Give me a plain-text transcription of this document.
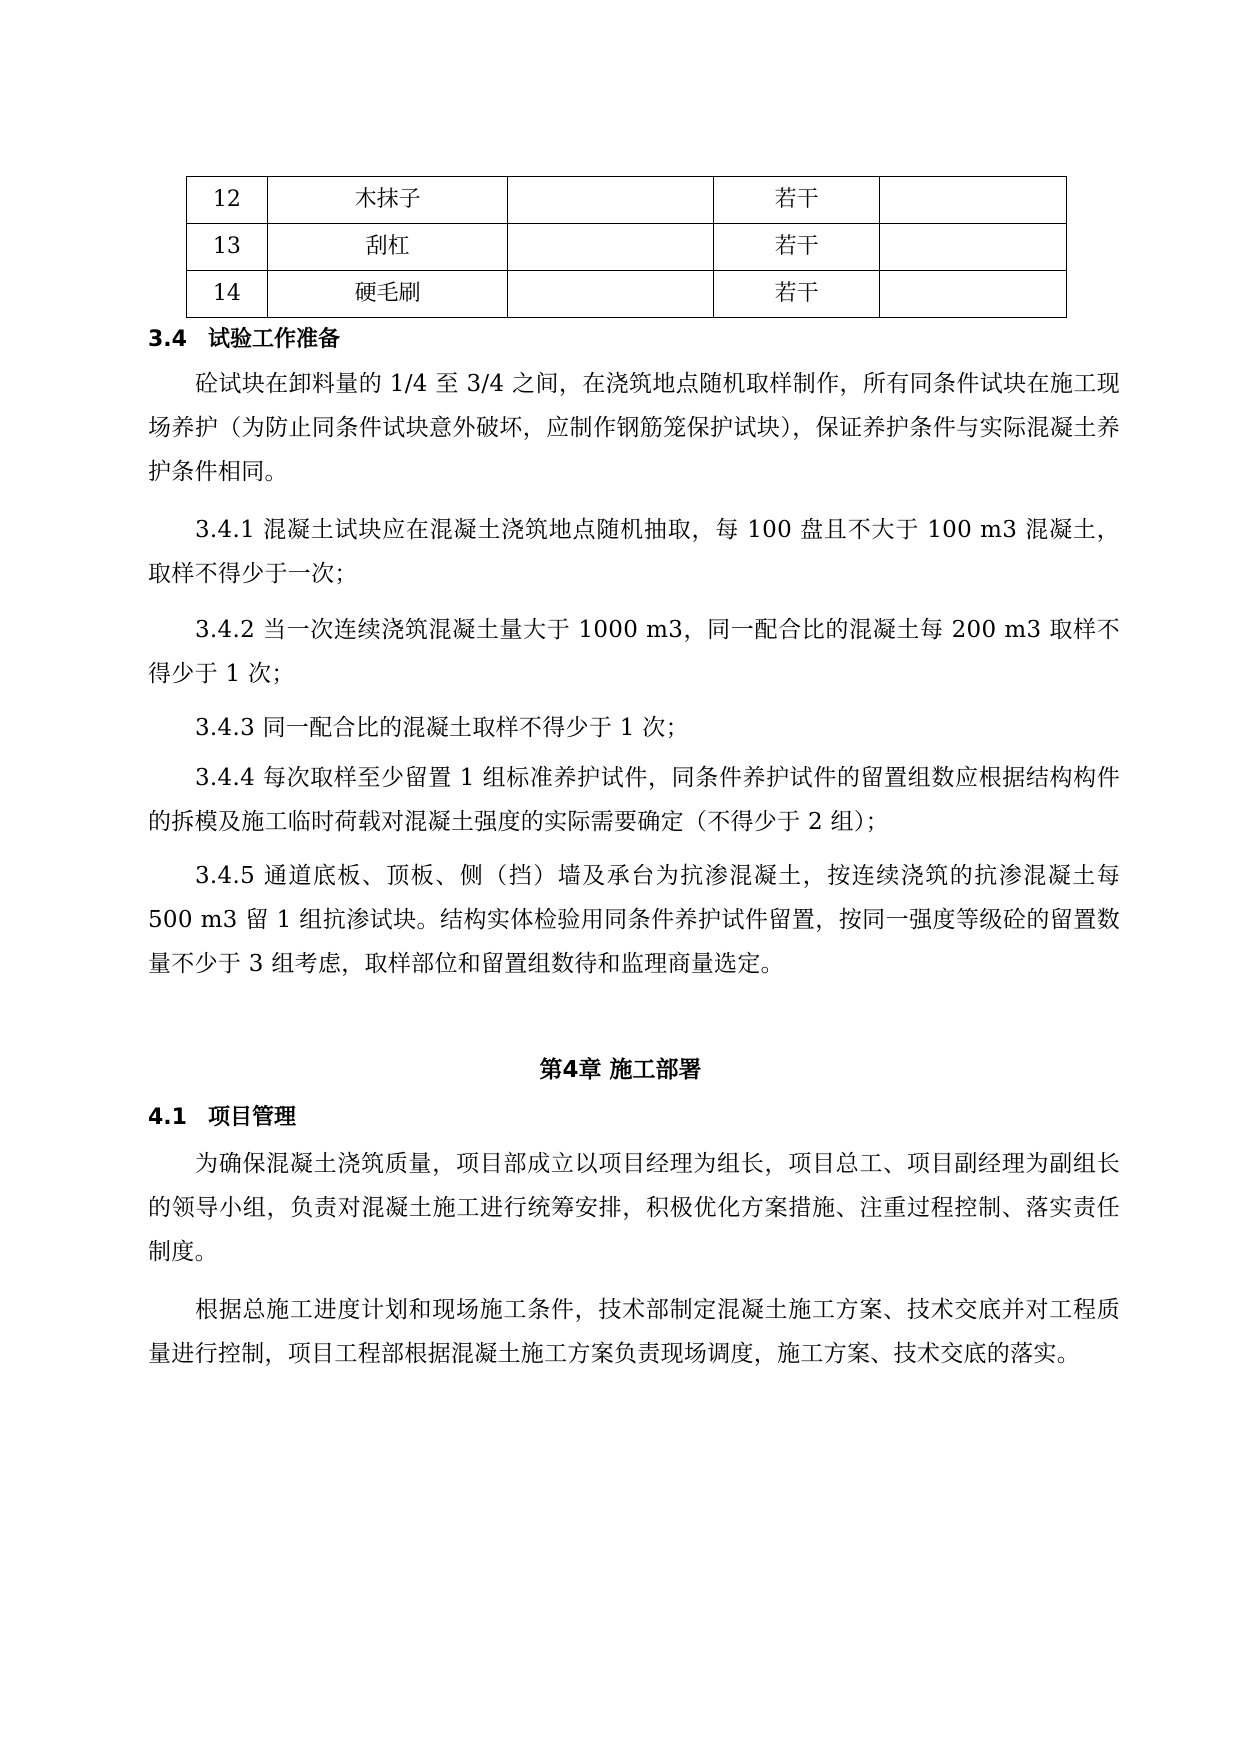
12	木抹子		若干	
13	刮杠		若干	
14	硬毛刷		若干	
3.4 试验工作准备
砼试块在卸料量的 1/4 至 3/4 之间，在浇筑地点随机取样制作，所有同条件试块在施工现场养护（为防止同条件试块意外破坏，应制作钢筋笼保护试块），保证养护条件与实际混凝土养护条件相同。
3.4.1 混凝土试块应在混凝土浇筑地点随机抽取，每 100 盘且不大于 100 m3 混凝土，取样不得少于一次；
3.4.2 当一次连续浇筑混凝土量大于 1000 m3，同一配合比的混凝土每 200 m3 取样不得少于 1 次；
3.4.3 同一配合比的混凝土取样不得少于 1 次；
3.4.4 每次取样至少留置 1 组标准养护试件，同条件养护试件的留置组数应根据结构构件的拆模及施工临时荷载对混凝土强度的实际需要确定（不得少于 2 组）；
3.4.5 通道底板、顶板、侧（挡）墙及承台为抗渗混凝土，按连续浇筑的抗渗混凝土每 500 m3 留 1 组抗渗试块。结构实体检验用同条件养护试件留置，按同一强度等级砼的留置数量不少于 3 组考虑，取样部位和留置组数待和监理商量选定。
第4章 施工部署
4.1 项目管理
为确保混凝土浇筑质量，项目部成立以项目经理为组长，项目总工、项目副经理为副组长的领导小组，负责对混凝土施工进行统筹安排，积极优化方案措施、注重过程控制、落实责任制度。
根据总施工进度计划和现场施工条件，技术部制定混凝土施工方案、技术交底并对工程质量进行控制，项目工程部根据混凝土施工方案负责现场调度，施工方案、技术交底的落实。
